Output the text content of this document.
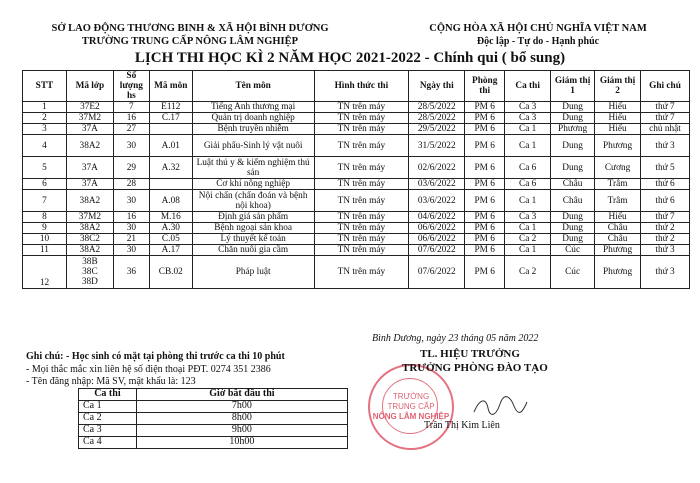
SỞ LAO ĐỘNG THƯƠNG BINH & XÃ HỘI BÌNH DƯƠNG
TRƯỜNG TRUNG CẤP NÔNG LÂM NGHIỆP
CỘNG HÒA XÃ HỘI CHỦ NGHĨA VIỆT NAM
Độc lập - Tự do - Hạnh phúc
LỊCH THI HỌC KÌ 2 NĂM HỌC 2021-2022 - Chính qui ( bổ sung)
STT	Mã lớp	Số lượng hs	Mã môn	Tên môn	Hình thức thi	Ngày thi	Phòng thi	Ca thi	Giám thị 1	Giám thị 2	Ghi chú
1	37E2	7	E112	Tiếng Anh thương mại	TN trên máy	28/5/2022	PM 6	Ca 3	Dung	Hiếu	thứ 7
2	37M2	16	C.17	Quản trị doanh nghiệp	TN trên máy	28/5/2022	PM 6	Ca 3	Dung	Hiếu	thứ 7
3	37A	27		Bệnh truyền nhiễm	TN trên máy	29/5/2022	PM 6	Ca 1	Phương	Hiếu	chủ nhật
4	38A2	30	A.01	Giải phẩu-Sinh lý vật nuôi	TN trên máy	31/5/2022	PM 6	Ca 1	Dung	Phương	thứ 3
5	37A	29	A.32	Luật thú y & kiểm nghiệm thú sản	TN trên máy	02/6/2022	PM 6	Ca 6	Dung	Cương	thứ 5
6	37A	28		Cơ khí nông nghiệp	TN trên máy	03/6/2022	PM 6	Ca 6	Châu	Trâm	thứ 6
7	38A2	30	A.08	Nội chẩn (chẩn đoán và bệnh nội khoa)	TN trên máy	03/6/2022	PM 6	Ca 1	Châu	Trâm	thứ 6
8	37M2	16	M.16	Định giá sản phẩm	TN trên máy	04/6/2022	PM 6	Ca 3	Dung	Hiếu	thứ 7
9	38A2	30	A.30	Bệnh ngoại sản khoa	TN trên máy	06/6/2022	PM 6	Ca 1	Dung	Châu	thứ 2
10	38C2	21	C.05	Lý thuyết kế toán	TN trên máy	06/6/2022	PM 6	Ca 2	Dung	Châu	thứ 2
11	38A2	30	A.17	Chăn nuôi gia cầm	TN trên máy	07/6/2022	PM 6	Ca 1	Cúc	Phương	thứ 3
12	38B 38C 38D	36	CB.02	Pháp luật	TN trên máy	07/6/2022	PM 6	Ca 2	Cúc	Phương	thứ 3
Bình Dương, ngày 23 tháng 05 năm 2022
Ghi chú: - Học sinh có mặt tại phòng thi trước ca thi 10 phút
- Mọi thắc mắc xin liên hệ số điện thoại PĐT. 0274 351 2386
- Tên đăng nhập: Mã SV, mật khẩu là: 123
Ca thi	Giờ bắt đầu thi
Ca 1	7h00
Ca 2	8h00
Ca 3	9h00
Ca 4	10h00
TRƯỜNG
TRUNG CẤP
NÔNG LÂM NGHIỆP
TL. HIỆU TRƯỞNG
TRƯỞNG PHÒNG ĐÀO TẠO
Trần Thị Kim Liên
